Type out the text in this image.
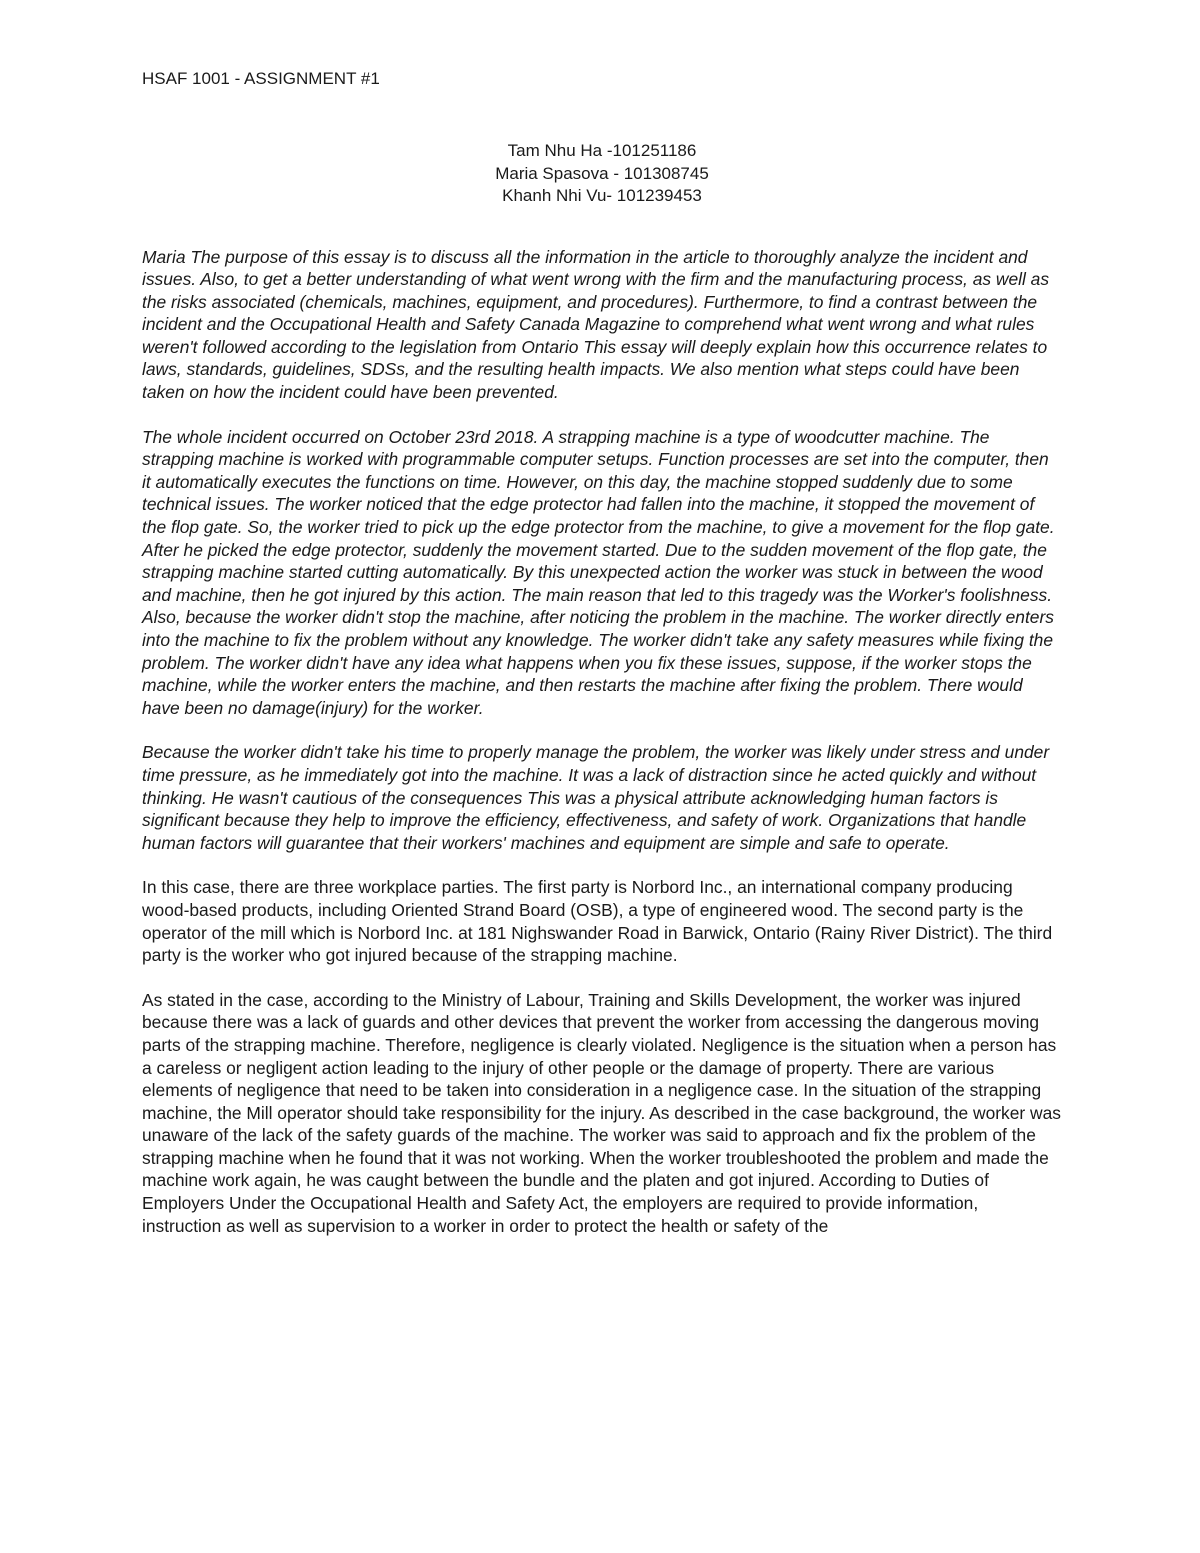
HSAF 1001 - ASSIGNMENT #1
Tam Nhu Ha -101251186
Maria Spasova - 101308745
Khanh Nhi Vu- 101239453

Maria The purpose of this essay is to discuss all the information in the article to thoroughly analyze the incident and issues. Also, to get a better understanding of what went wrong with the firm and the manufacturing process, as well as the risks associated (chemicals, machines, equipment, and procedures). Furthermore, to find a contrast between the incident and the Occupational Health and Safety Canada Magazine to comprehend what went wrong and what rules weren't followed according to the legislation from Ontario This essay will deeply explain how this occurrence relates to laws, standards, guidelines, SDSs, and the resulting health impacts. We also mention what steps could have been taken on how the incident could have been prevented.

The whole incident occurred on October 23rd 2018. A strapping machine is a type of woodcutter machine. The strapping machine is worked with programmable computer setups. Function processes are set into the computer, then it automatically executes the functions on time. However, on this day, the machine stopped suddenly due to some technical issues. The worker noticed that the edge protector had fallen into the machine, it stopped the movement of the flop gate. So, the worker tried to pick up the edge protector from the machine, to give a movement for the flop gate. After he picked the edge protector, suddenly the movement started. Due to the sudden movement of the flop gate, the strapping machine started cutting automatically. By this unexpected action the worker was stuck in between the wood and machine, then he got injured by this action. The main reason that led to this tragedy was the Worker's foolishness. Also, because the worker didn't stop the machine, after noticing the problem in the machine. The worker directly enters into the machine to fix the problem without any knowledge. The worker didn't take any safety measures while fixing the problem. The worker didn't have any idea what happens when you fix these issues, suppose, if the worker stops the machine, while the worker enters the machine, and then restarts the machine after fixing the problem. There would have been no damage(injury) for the worker.

Because the worker didn't take his time to properly manage the problem, the worker was likely under stress and under time pressure, as he immediately got into the machine. It was a lack of distraction since he acted quickly and without thinking. He wasn't cautious of the consequences This was a physical attribute acknowledging human factors is significant because they help to improve the efficiency, effectiveness, and safety of work. Organizations that handle human factors will guarantee that their workers' machines and equipment are simple and safe to operate.

In this case, there are three workplace parties. The first party is Norbord Inc., an international company producing wood-based products, including Oriented Strand Board (OSB), a type of engineered wood. The second party is the operator of the mill which is Norbord Inc. at 181 Nighswander Road in Barwick, Ontario (Rainy River District). The third party is the worker who got injured because of the strapping machine.

As stated in the case, according to the Ministry of Labour, Training and Skills Development, the worker was injured because there was a lack of guards and other devices that prevent the worker from accessing the dangerous moving parts of the strapping machine. Therefore, negligence is clearly violated. Negligence is the situation when a person has a careless or negligent action leading to the injury of other people or the damage of property. There are various elements of negligence that need to be taken into consideration in a negligence case. In the situation of the strapping machine, the Mill operator should take responsibility for the injury. As described in the case background, the worker was unaware of the lack of the safety guards of the machine. The worker was said to approach and fix the problem of the strapping machine when he found that it was not working. When the worker troubleshooted the problem and made the machine work again, he was caught between the bundle and the platen and got injured. According to Duties of Employers Under the Occupational Health and Safety Act, the employers are required to provide information, instruction as well as supervision to a worker in order to protect the health or safety of the
